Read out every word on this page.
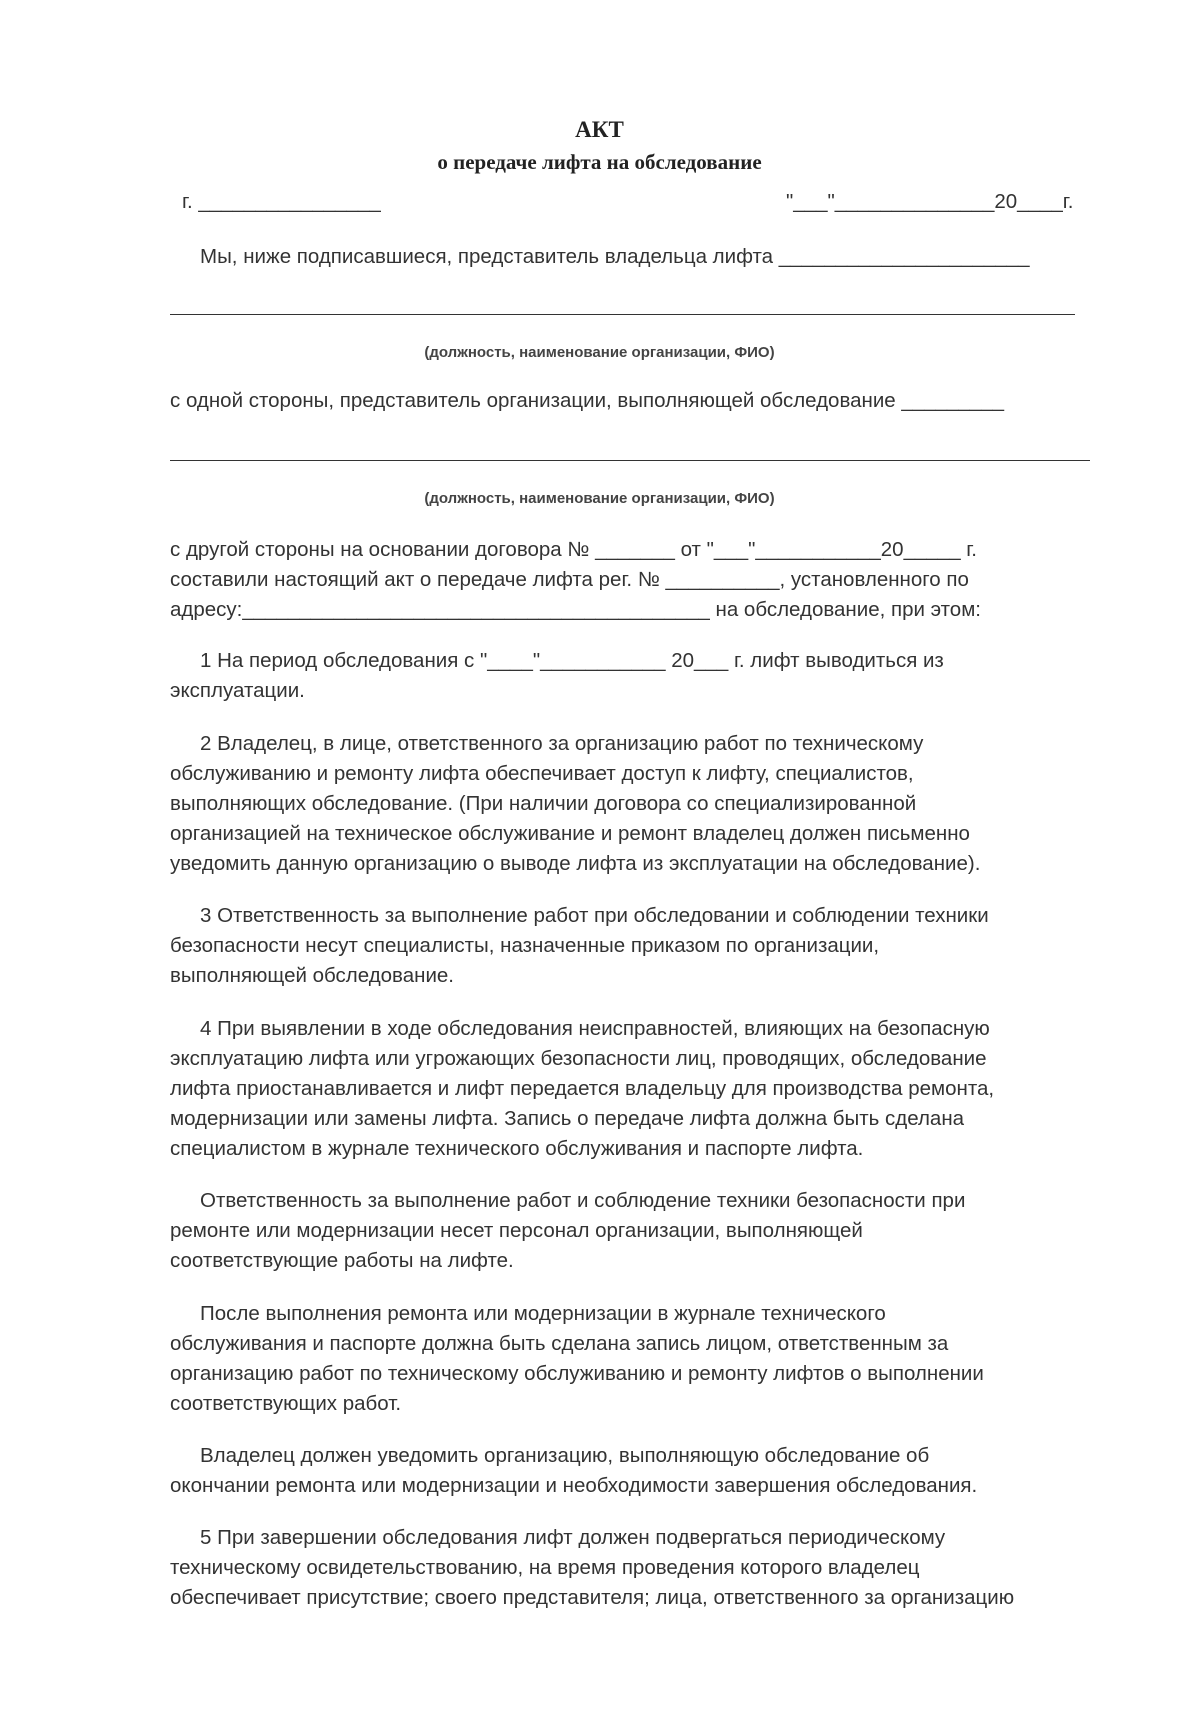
АКТ
о передаче лифта на обследование
г. ________________	"___"______________20____г.
Мы, ниже подписавшиеся, представитель владельца лифта ______________________
(должность, наименование организации, ФИО)
с одной стороны, представитель организации, выполняющей обследование _________
(должность, наименование организации, ФИО)
с другой стороны на основании договора № _______ от "___"___________20_____ г.
составили настоящий акт о передаче лифта рег. № __________, установленного по
адресу:_________________________________________ на обследование, при этом:
1 На период обследования с "____"___________ 20___ г. лифт выводиться из
эксплуатации.
2 Владелец, в лице, ответственного за организацию работ по техническому
обслуживанию и ремонту лифта обеспечивает доступ к лифту, специалистов,
выполняющих обследование. (При наличии договора со специализированной
организацией на техническое обслуживание и ремонт владелец должен письменно
уведомить данную организацию о выводе лифта из эксплуатации на обследование).
3 Ответственность за выполнение работ при обследовании и соблюдении техники
безопасности несут специалисты, назначенные приказом по организации,
выполняющей обследование.
4 При выявлении в ходе обследования неисправностей, влияющих на безопасную
эксплуатацию лифта или угрожающих безопасности лиц, проводящих, обследование
лифта приостанавливается и лифт передается владельцу для производства ремонта,
модернизации или замены лифта. Запись о передаче лифта должна быть сделана
специалистом в журнале технического обслуживания и паспорте лифта.
Ответственность за выполнение работ и соблюдение техники безопасности при
ремонте или модернизации несет персонал организации, выполняющей
соответствующие работы на лифте.
После выполнения ремонта или модернизации в журнале технического
обслуживания и паспорте должна быть сделана запись лицом, ответственным за
организацию работ по техническому обслуживанию и ремонту лифтов о выполнении
соответствующих работ.
Владелец должен уведомить организацию, выполняющую обследование об
окончании ремонта или модернизации и необходимости завершения обследования.
5 При завершении обследования лифт должен подвергаться периодическому
техническому освидетельствованию, на время проведения которого владелец
обеспечивает присутствие; своего представителя; лица, ответственного за организацию
